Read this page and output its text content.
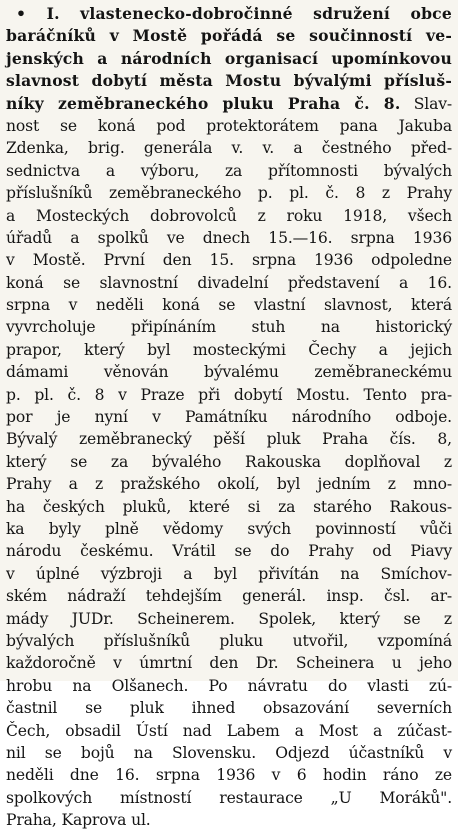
• I. vlastenecko-dobročinné sdružení obce
baráčníků v Mostě pořádá se součinností ve-
jenských a národních organisací upomínkovou
slavnost dobytí města Mostu bývalými přísluš-
níky zeměbraneckého pluku Praha č. 8. Slav-
nost se koná pod protektorátem pana Jakuba
Zdenka, brig. generála v. v. a čestného před-
sednictva a výboru, za přítomnosti bývalých
příslušníků zeměbraneckého p. pl. č. 8 z Prahy
a Mosteckých dobrovolců z roku 1918, všech
úřadů a spolků ve dnech 15.—16. srpna 1936
v Mostě. První den 15. srpna 1936 odpoledne
koná se slavnostní divadelní představení a 16.
srpna v neděli koná se vlastní slavnost, která
vyvrcholuje připínáním stuh na historický
prapor, který byl mosteckými Čechy a jejich
dámami věnován bývalému zeměbraneckému
p. pl. č. 8 v Praze při dobytí Mostu. Tento pra-
por je nyní v Památníku národního odboje.
Bývalý zeměbranecký pěší pluk Praha čís. 8,
který se za bývalého Rakouska doplňoval z
Prahy a z pražského okolí, byl jedním z mno-
ha českých pluků, které si za starého Rakous-
ka byly plně vědomy svých povinností vůči
národu českému. Vrátil se do Prahy od Piavy
v úplné výzbroji a byl přivítán na Smíchov-
ském nádraží tehdejším generál. insp. čsl. ar-
mády JUDr. Scheinerem. Spolek, který se z
bývalých příslušníků pluku utvořil, vzpomíná
každoročně v úmrtní den Dr. Scheinera u jeho
hrobu na Olšanech. Po návratu do vlasti zú-
častnil se pluk ihned obsazování severních
Čech, obsadil Ústí nad Labem a Most a zúčast-
nil se bojů na Slovensku. Odjezd účastníků v
neděli dne 16. srpna 1936 v 6 hodin ráno ze
spolkových místností restaurace „U Moráků".
Praha, Kaprova ul.
